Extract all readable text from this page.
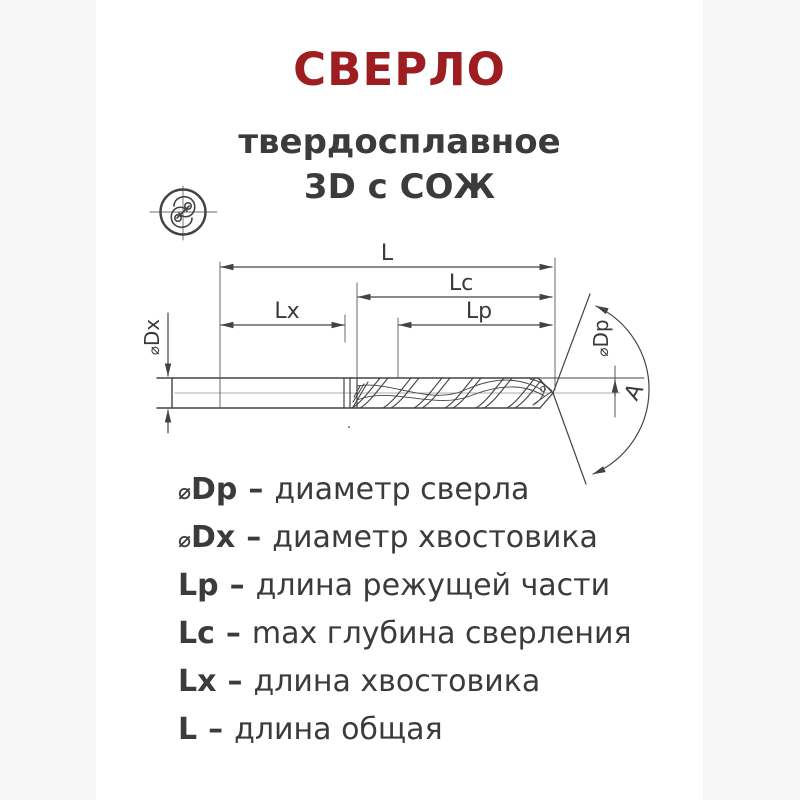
СВЕРЛО
твердосплавное
3D с СОЖ
L
Lc
Lx	Lp
⌀Dx
⌀Dp
A
⌀Dp – диаметр сверла
⌀Dx – диаметр хвостовика
Lp – длина режущей части
Lc – max глубина сверления
Lx – длина хвостовика
L – длина общая
